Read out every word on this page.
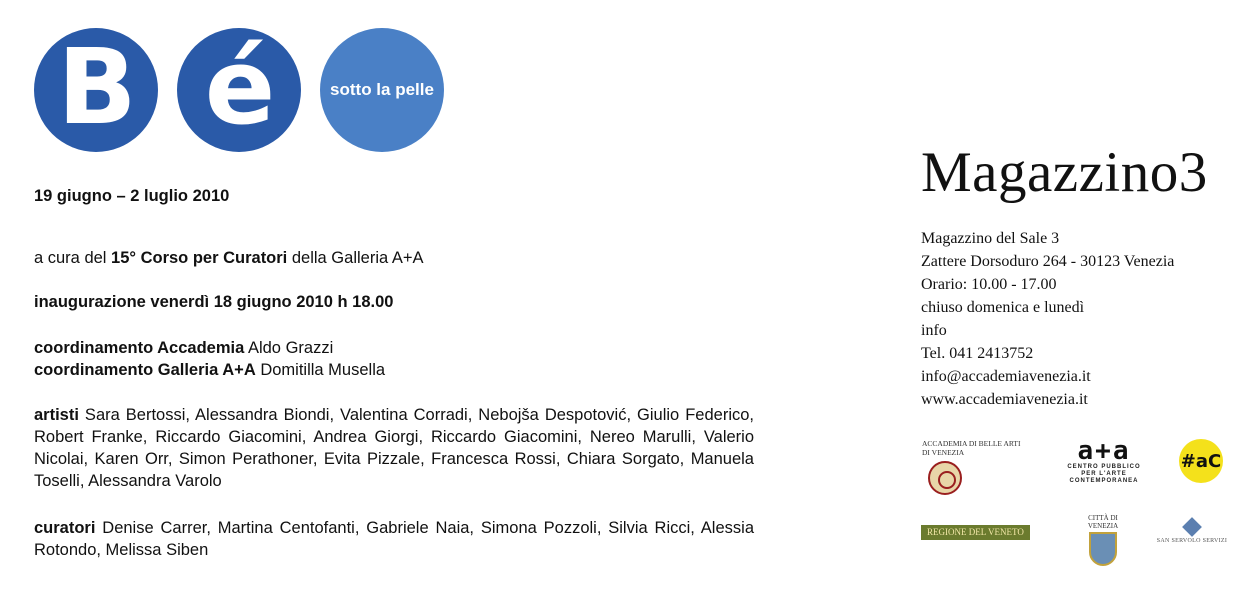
B é	sotto la pelle
19 giugno – 2 luglio 2010
a cura del 15° Corso per Curatori della Galleria A+A
inaugurazione venerdì 18 giugno 2010 h 18.00
coordinamento Accademia Aldo Grazzi
coordinamento Galleria A+A Domitilla Musella
artisti Sara Bertossi, Alessandra Biondi, Valentina Corradi, Nebojša Despotović, Giulio Federico, Robert Franke, Riccardo Giacomini, Andrea Giorgi, Riccardo Giacomini, Nereo Marulli, Valerio Nicolai, Karen Orr, Simon Perathoner, Evita Pizzale, Francesca Rossi, Chiara Sorgato, Manuela Toselli, Alessandra Varolo
curatori Denise Carrer, Martina Centofanti, Gabriele Naia, Simona Pozzoli, Silvia Ricci, Alessia Rotondo, Melissa Siben
Magazzino3
Magazzino del Sale 3
Zattere Dorsoduro 264 - 30123 Venezia
Orario: 10.00 - 17.00
chiuso domenica e lunedì
info
Tel. 041 2413752
info@accademiavenezia.it
www.accademiavenezia.it
ACCADEMIA DI BELLE ARTI
DI VENEZIA	a+a
CENTRO PUBBLICO
PER L'ARTE CONTEMPORANEA
#aC
REGIONE DEL VENETO
CITTÀ DI
VENEZIA
SAN SERVOLO SERVIZI
